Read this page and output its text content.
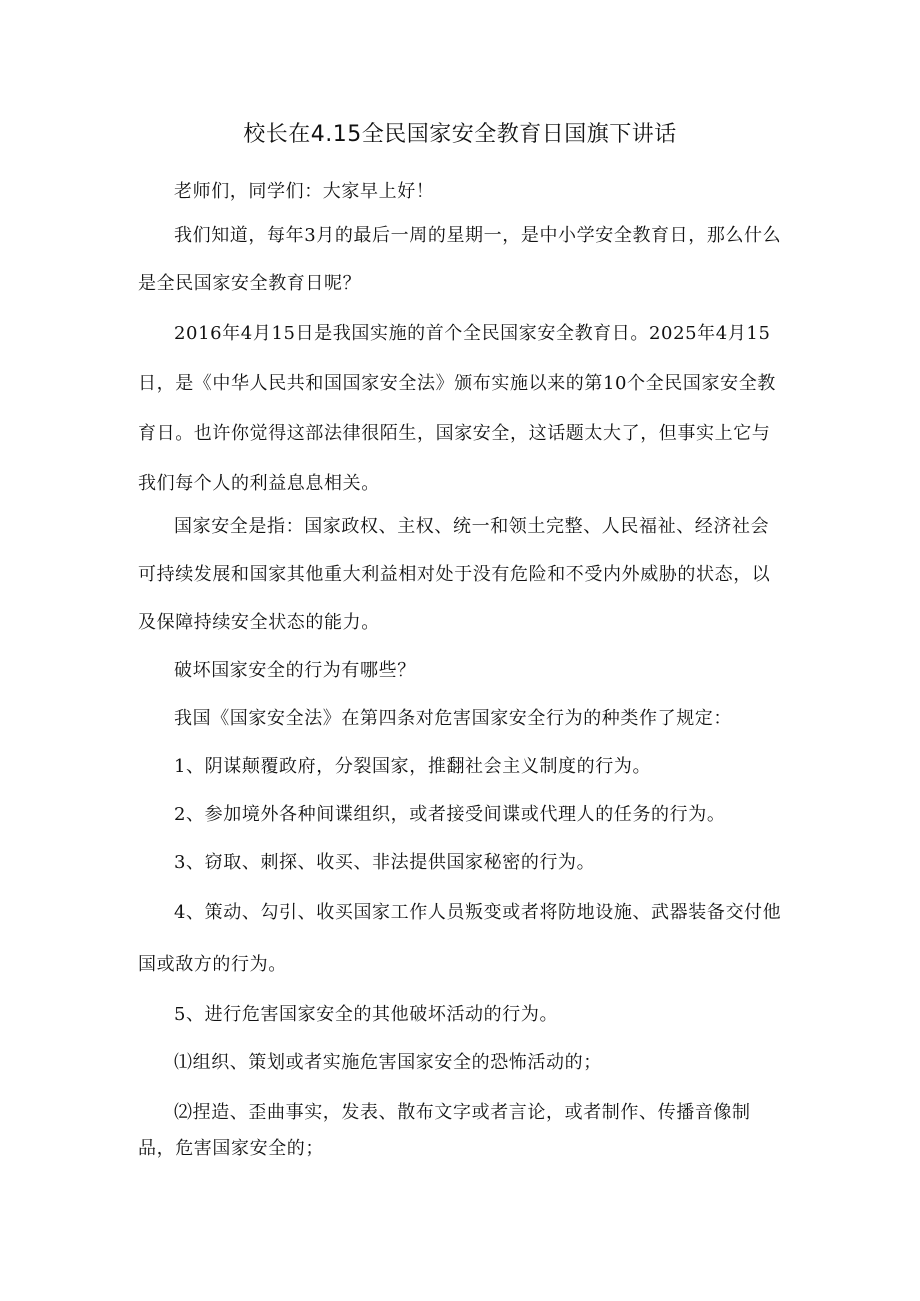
校长在4.15全民国家安全教育日国旗下讲话

老师们，同学们：大家早上好！

我们知道，每年3月的最后一周的星期一，是中小学安全教育日，那么什么是全民国家安全教育日呢？

2016年4月15日是我国实施的首个全民国家安全教育日。2025年4月15日，是《中华人民共和国国家安全法》颁布实施以来的第10个全民国家安全教育日。也许你觉得这部法律很陌生，国家安全，这话题太大了，但事实上它与我们每个人的利益息息相关。

国家安全是指：国家政权、主权、统一和领土完整、人民福祉、经济社会可持续发展和国家其他重大利益相对处于没有危险和不受内外威胁的状态，以及保障持续安全状态的能力。

破坏国家安全的行为有哪些？

我国《国家安全法》在第四条对危害国家安全行为的种类作了规定：

1、阴谋颠覆政府，分裂国家，推翻社会主义制度的行为。

2、参加境外各种间谍组织，或者接受间谍或代理人的任务的行为。

3、窃取、刺探、收买、非法提供国家秘密的行为。

4、策动、勾引、收买国家工作人员叛变或者将防地设施、武器装备交付他国或敌方的行为。

5、进行危害国家安全的其他破坏活动的行为。

⑴组织、策划或者实施危害国家安全的恐怖活动的；

⑵捏造、歪曲事实，发表、散布文字或者言论，或者制作、传播音像制品，危害国家安全的；
